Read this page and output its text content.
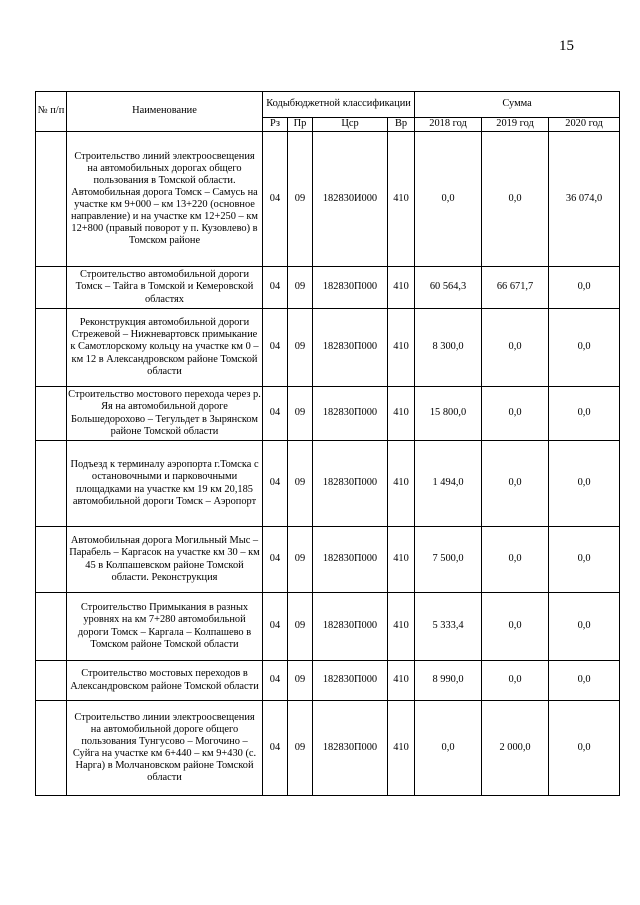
15
№ п/п	Наименование	Кодыбюджетной классификации				Сумма		
		Рз	Пр	Цср	Вр	2018 год	2019 год	2020 год
	Строительство линий электроосвещения на автомобильных дорогах общего пользования в Томской области. Автомобильная дорога Томск – Самусь на участке км 9+000 – км 13+220 (основное направление) и на участке км 12+250 – км 12+800 (правый поворот у п. Кузовлево) в Томском районе	04	09	182830И000	410	0,0	0,0	36 074,0
	Строительство автомобильной дороги Томск – Тайга в Томской и Кемеровской областях	04	09	182830П000	410	60 564,3	66 671,7	0,0
	Реконструкция автомобильной дороги Стрежевой – Нижневартовск примыкание к Самотлорскому кольцу на участке км 0 – км 12 в Александровском районе Томской области	04	09	182830П000	410	8 300,0	0,0	0,0
	Строительство мостового перехода через р. Яя на автомобильной дороге Большедорохово – Тегульдет в Зырянском районе Томской области	04	09	182830П000	410	15 800,0	0,0	0,0
	Подъезд к терминалу аэропорта г.Томска с остановочными и парковочными площадками на участке км 19 км 20,185 автомобильной дороги Томск – Аэропорт	04	09	182830П000	410	1 494,0	0,0	0,0
	Автомобильная дорога Могильный Мыс – Парабель – Каргасок на участке км 30 – км 45 в Колпашевском районе Томской области. Реконструкция	04	09	182830П000	410	7 500,0	0,0	0,0
	Строительство Примыкания в разных уровнях на км 7+280 автомобильной дороги Томск – Каргала – Колпашево в Томском районе Томской области	04	09	182830П000	410	5 333,4	0,0	0,0
	Строительство мостовых переходов в Александровском районе Томской области	04	09	182830П000	410	8 990,0	0,0	0,0
	Строительство линии электроосвещения на автомобильной дороге общего пользования Тунгусово – Могочино – Суйга на участке км 6+440 – км 9+430 (с. Нарга) в Молчановском районе Томской области	04	09	182830П000	410	0,0	2 000,0	0,0
